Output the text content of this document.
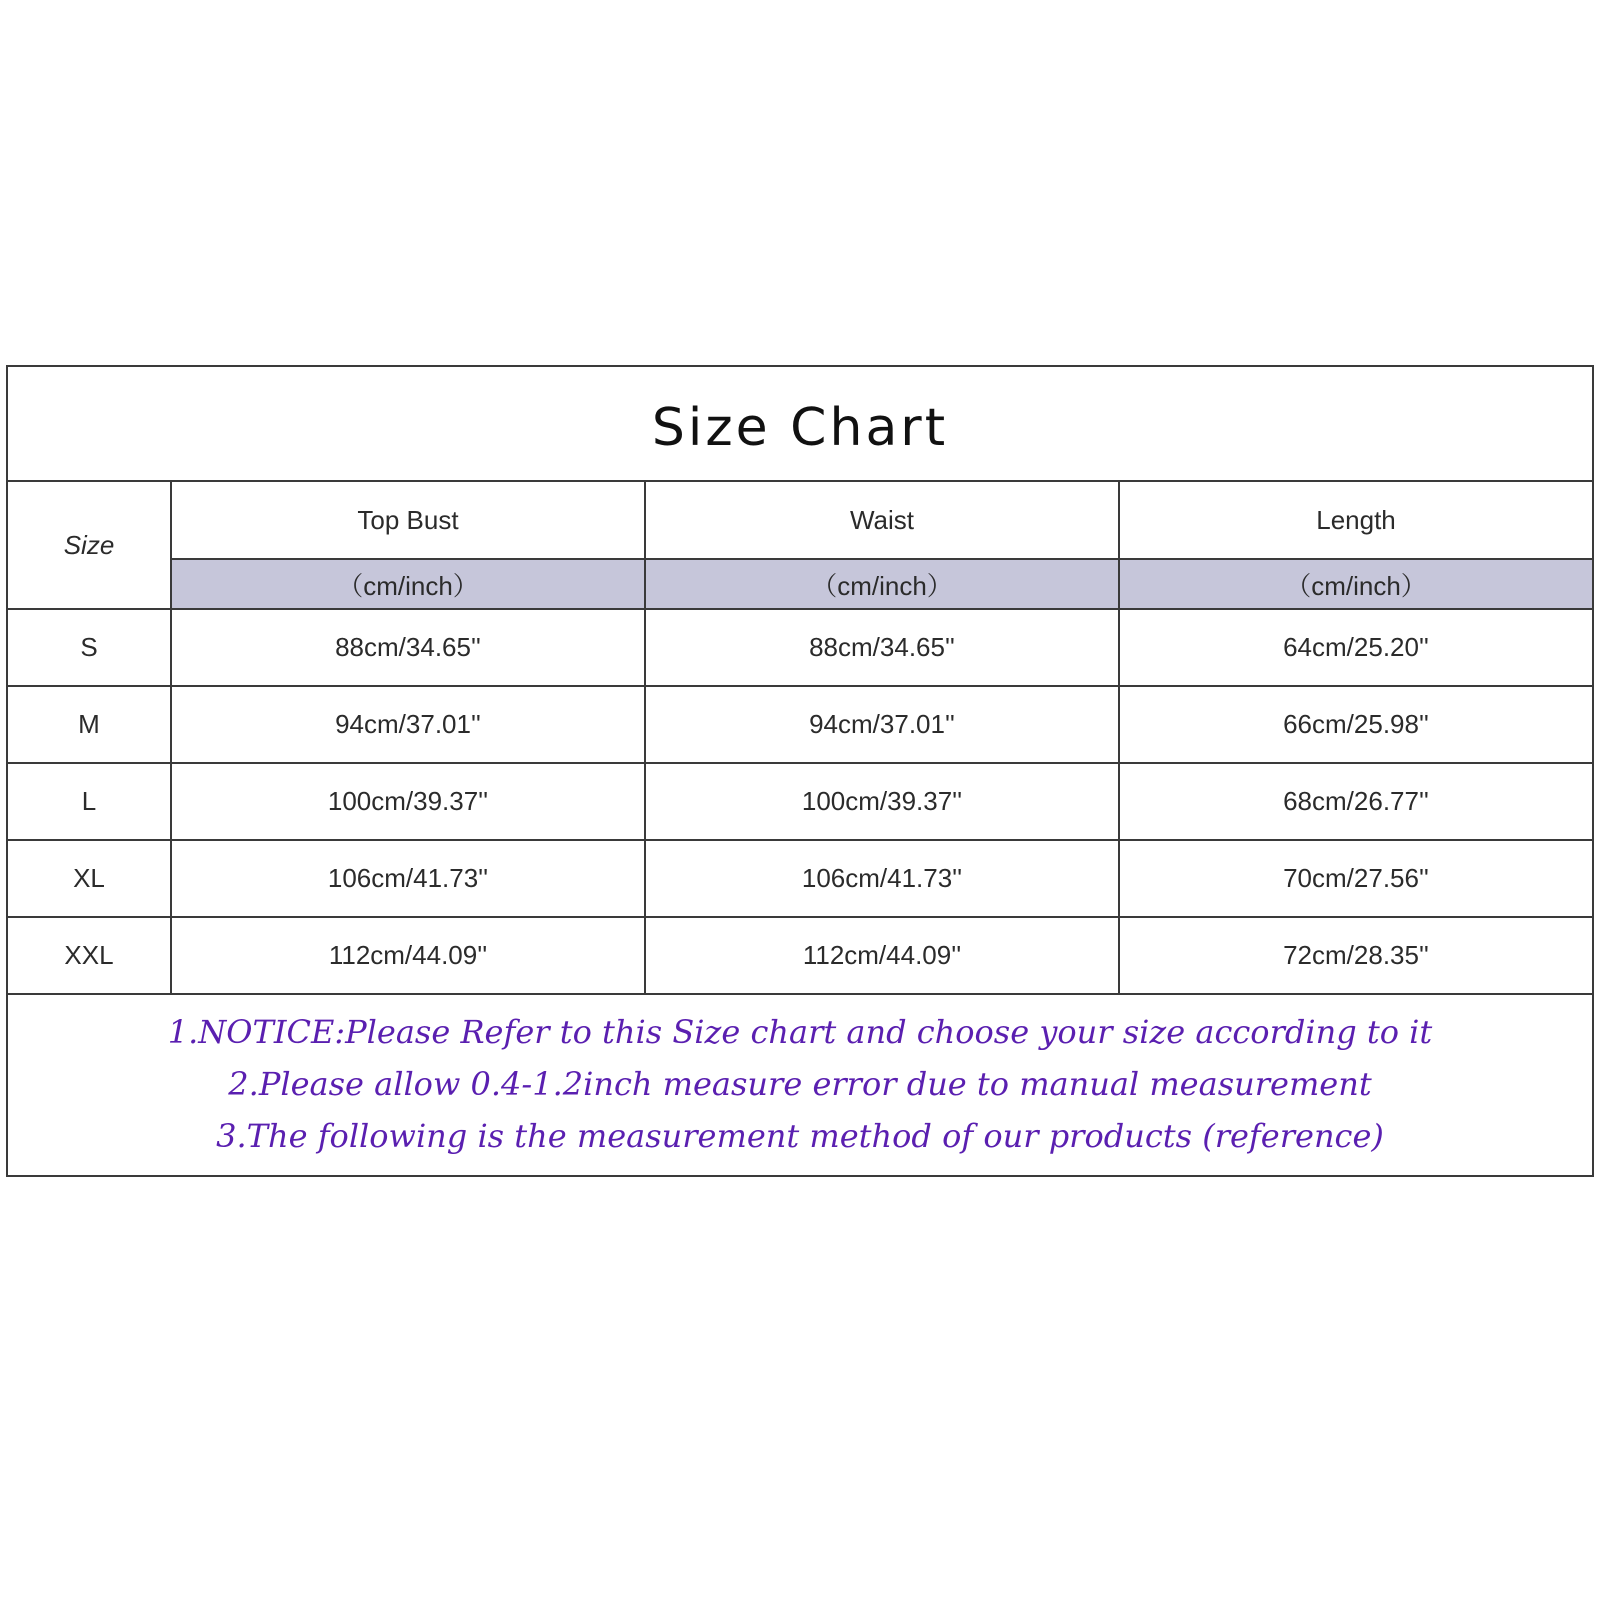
Size Chart
Size	Top Bust	Waist	Length
	（cm/inch）	（cm/inch）	（cm/inch）
S	88cm/34.65''	88cm/34.65''	64cm/25.20''
M	94cm/37.01''	94cm/37.01''	66cm/25.98''
L	100cm/39.37''	100cm/39.37''	68cm/26.77''
XL	106cm/41.73''	106cm/41.73''	70cm/27.56''
XXL	112cm/44.09''	112cm/44.09''	72cm/28.35''
1.NOTICE:Please Refer to this Size chart and choose your size according to it
2.Please allow 0.4-1.2inch measure error due to manual measurement
3.The following is the measurement method of our products (reference)
